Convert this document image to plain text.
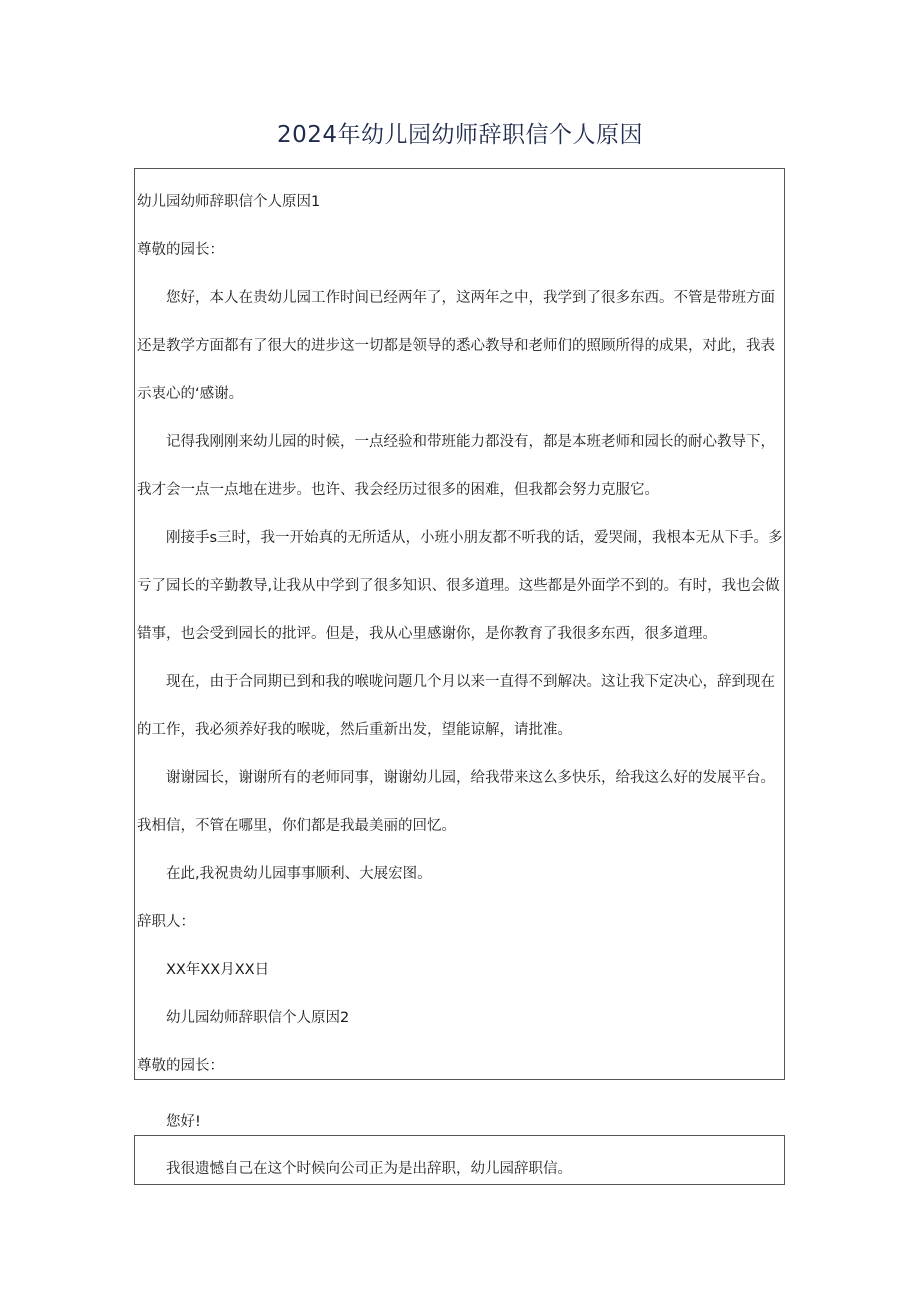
2024年幼儿园幼师辞职信个人原因
幼儿园幼师辞职信个人原因1
尊敬的园长：
您好，本人在贵幼儿园工作时间已经两年了，这两年之中，我学到了很多东西。不管是带班方面
还是教学方面都有了很大的进步这一切都是领导的悉心教导和老师们的照顾所得的成果，对此，我表
示衷心的‘感谢。
记得我刚刚来幼儿园的时候，一点经验和带班能力都没有，都是本班老师和园长的耐心教导下，
我才会一点一点地在进步。也许、我会经历过很多的困难，但我都会努力克服它。
刚接手s三时，我一开始真的无所适从，小班小朋友都不听我的话，爱哭闹，我根本无从下手。多
亏了园长的辛勤教导,让我从中学到了很多知识、很多道理。这些都是外面学不到的。有时，我也会做
错事，也会受到园长的批评。但是，我从心里感谢你，是你教育了我很多东西，很多道理。
现在，由于合同期已到和我的喉咙问题几个月以来一直得不到解决。这让我下定决心，辞到现在
的工作，我必须养好我的喉咙，然后重新出发，望能谅解，请批准。
谢谢园长，谢谢所有的老师同事，谢谢幼儿园，给我带来这么多快乐，给我这么好的发展平台。
我相信，不管在哪里，你们都是我最美丽的回忆。
在此,我祝贵幼儿园事事顺利、大展宏图。
辞职人：
XX年XX月XX日
幼儿园幼师辞职信个人原因2
尊敬的园长：
您好!
我很遗憾自己在这个时候向公司正为是出辞职，幼儿园辞职信。
